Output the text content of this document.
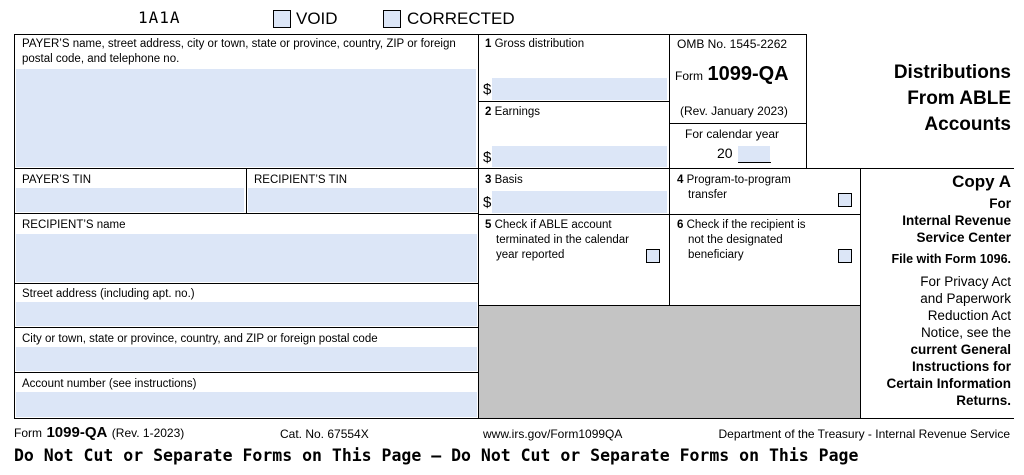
1A1A	VOID	CORRECTED
PAYER’S name, street address, city or town, state or province, country, ZIP or foreign postal code, and telephone no.
1 Gross distribution
$
2 Earnings
$
OMB No. 1545-2262
Form 1099-QA
(Rev. January 2023)
For calendar year
20
Distributions
From ABLE
Accounts
PAYER’S TIN	RECIPIENT’S TIN	3 Basis
$
4 Program-to-program
transfer
RECIPIENT’S name	5 Check if ABLE account
terminated in the calendar
year reported
6 Check if the recipient is
not the designated
beneficiary
Street address (including apt. no.)
City or town, state or province, country, and ZIP or foreign postal code
Account number (see instructions)
Copy A
For
Internal Revenue
Service Center
File with Form 1096.
For Privacy Act
and Paperwork
Reduction Act
Notice, see the
current General
Instructions for
Certain Information
Returns.
Form 1099-QA (Rev. 1-2023)	Cat. No. 67554X	www.irs.gov/Form1099QA	Department of the Treasury - Internal Revenue Service
Do Not Cut or Separate Forms on This Page — Do Not Cut or Separate Forms on This Page
